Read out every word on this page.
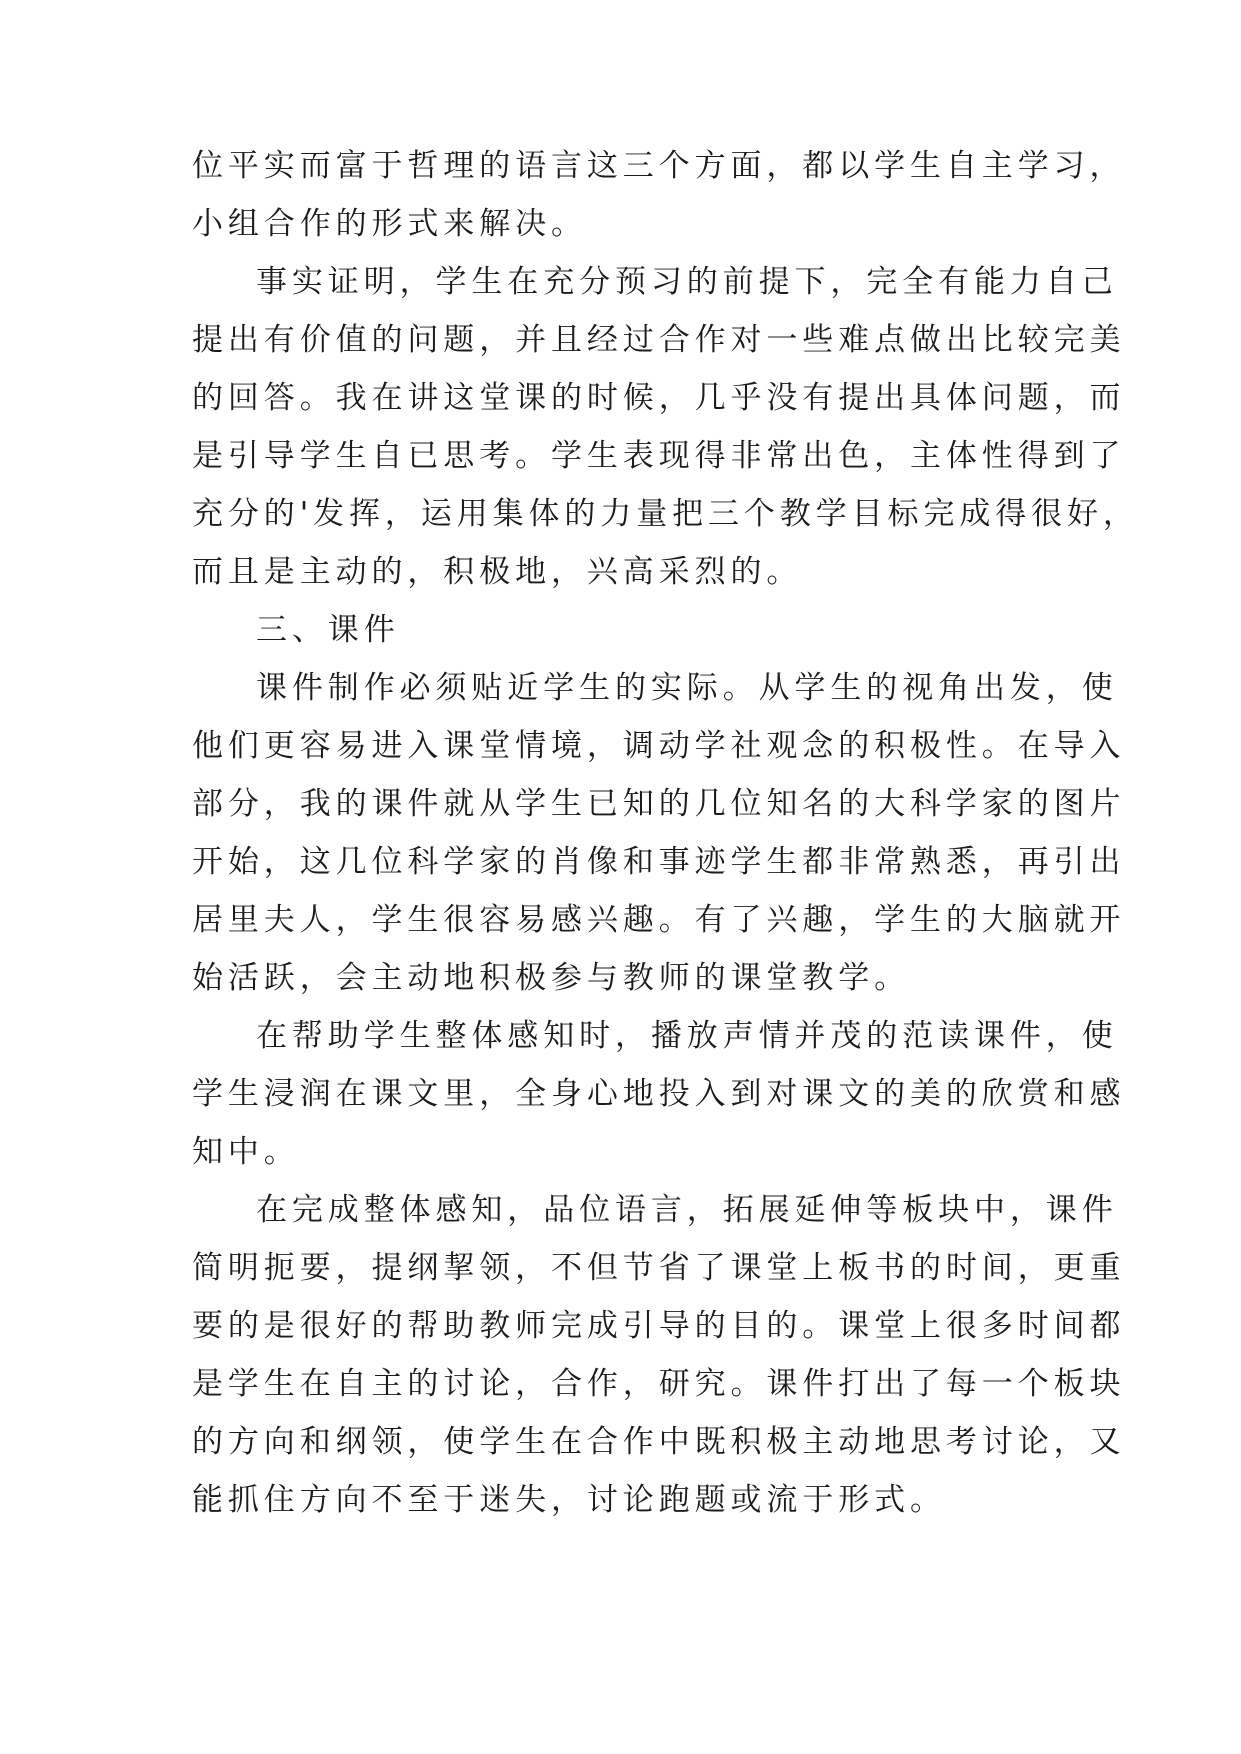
位平实而富于哲理的语言这三个方面，都以学生自主学习，
小组合作的形式来解决。
事实证明，学生在充分预习的前提下，完全有能力自己
提出有价值的问题，并且经过合作对一些难点做出比较完美
的回答。我在讲这堂课的时候，几乎没有提出具体问题，而
是引导学生自已思考。学生表现得非常出色，主体性得到了
充分的'发挥，运用集体的力量把三个教学目标完成得很好，
而且是主动的，积极地，兴高采烈的。
三、课件
课件制作必须贴近学生的实际。从学生的视角出发，使
他们更容易进入课堂情境，调动学社观念的积极性。在导入
部分，我的课件就从学生已知的几位知名的大科学家的图片
开始，这几位科学家的肖像和事迹学生都非常熟悉，再引出
居里夫人，学生很容易感兴趣。有了兴趣，学生的大脑就开
始活跃，会主动地积极参与教师的课堂教学。
在帮助学生整体感知时，播放声情并茂的范读课件，使
学生浸润在课文里，全身心地投入到对课文的美的欣赏和感
知中。
在完成整体感知，品位语言，拓展延伸等板块中，课件
简明扼要，提纲挈领，不但节省了课堂上板书的时间，更重
要的是很好的帮助教师完成引导的目的。课堂上很多时间都
是学生在自主的讨论，合作，研究。课件打出了每一个板块
的方向和纲领，使学生在合作中既积极主动地思考讨论，又
能抓住方向不至于迷失，讨论跑题或流于形式。
